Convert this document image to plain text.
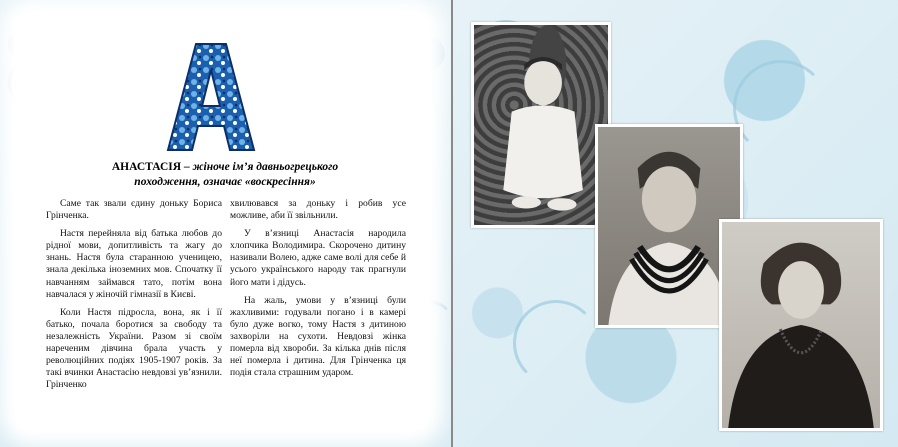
АНАСТАСІЯ – жіноче ім’я давньогрецького
походження, означає «воскресіння»

Саме так звали єдину доньку Бориса Грінченка.

Настя перейняла від батька любов до рідної мови, допитливість та жагу до знань. Настя була старанною ученицею, знала декілька іноземних мов. Спочатку її навчанням займався тато, потім вона навчалася у жіночій гімназії в Києві.

Коли Настя підросла, вона, як і її батько, почала боротися за свободу та незалежність України. Разом зі своїм нареченим дівчина брала участь у революційних подіях 1905-1907 років. За такі вчинки Анастасію невдовзі ув’язнили. Грінченко

хвилювався за доньку і робив усе можливе, аби її звільнили.

У в’язниці Анастасія народила хлопчика Володимира. Скорочено дитину називали Волею, адже саме волі для себе й усього українського народу так прагнули його мати і дідусь.

На жаль, умови у в’язниці були жахливими: годували погано і в камері було дуже вогко, тому Настя з дитиною захворіли на сухоти. Невдовзі жінка померла від хвороби. За кілька днів після неї померла і дитина. Для Грінченка ця подія стала страшним ударом.
